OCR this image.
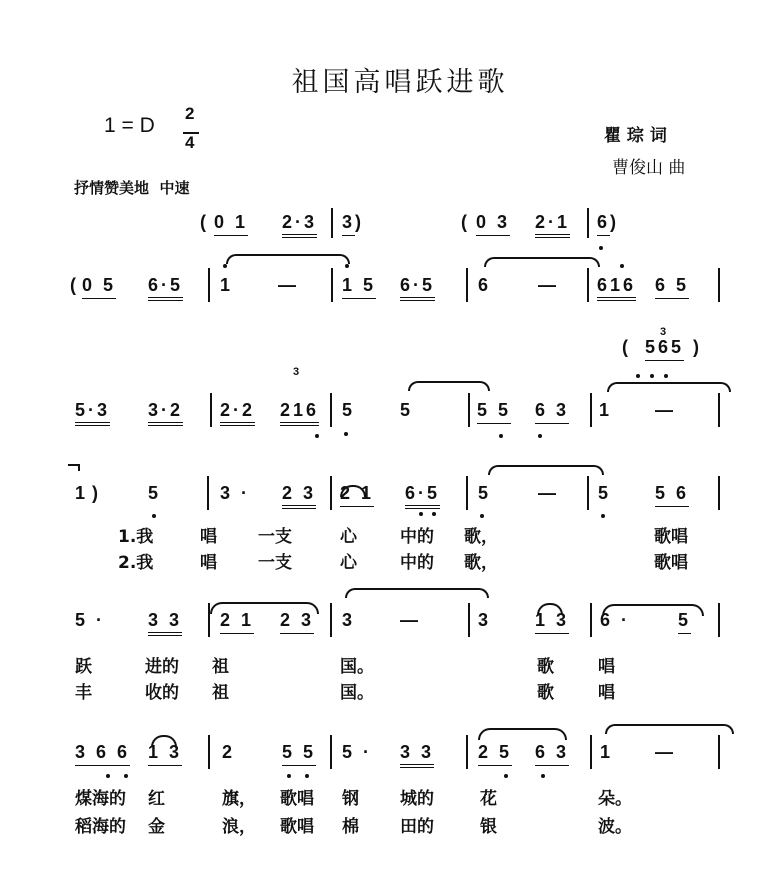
祖国高唱跃进歌
1 = D
2
4	瞿 琮 词
曹俊山 曲
抒情赞美地  中速
( 0 1 2·3 3 )	( 0 3 2·1 6 )
( 0 5 6·5 1 — 1 5 6·5 6	— 616 6 5
5·3 3·2 2·2 216 5 5	5 5 6 3 1 —
( 565 )
1 )	5	3 · 2 3 2 1 6·5 5	— 5 5 6
5 · 3 3 2 1 2 3 3 —	3 1 3 6 ·	5
3 6 6 1 3 2	5 5 5 · 3 3 2 5 6 3 1 —
1.我	唱 一支	心	中的 歌，	歌唱
2.我	唱 一支	心	中的 歌，	歌唱
跃	进的 祖	国。	歌	唱
丰	收的 祖	国。	歌	唱
煤海的 红	旗， 歌唱 钢 城的	花	朵。
稻海的 金	浪， 歌唱 棉 田的	银	波。
3
3
